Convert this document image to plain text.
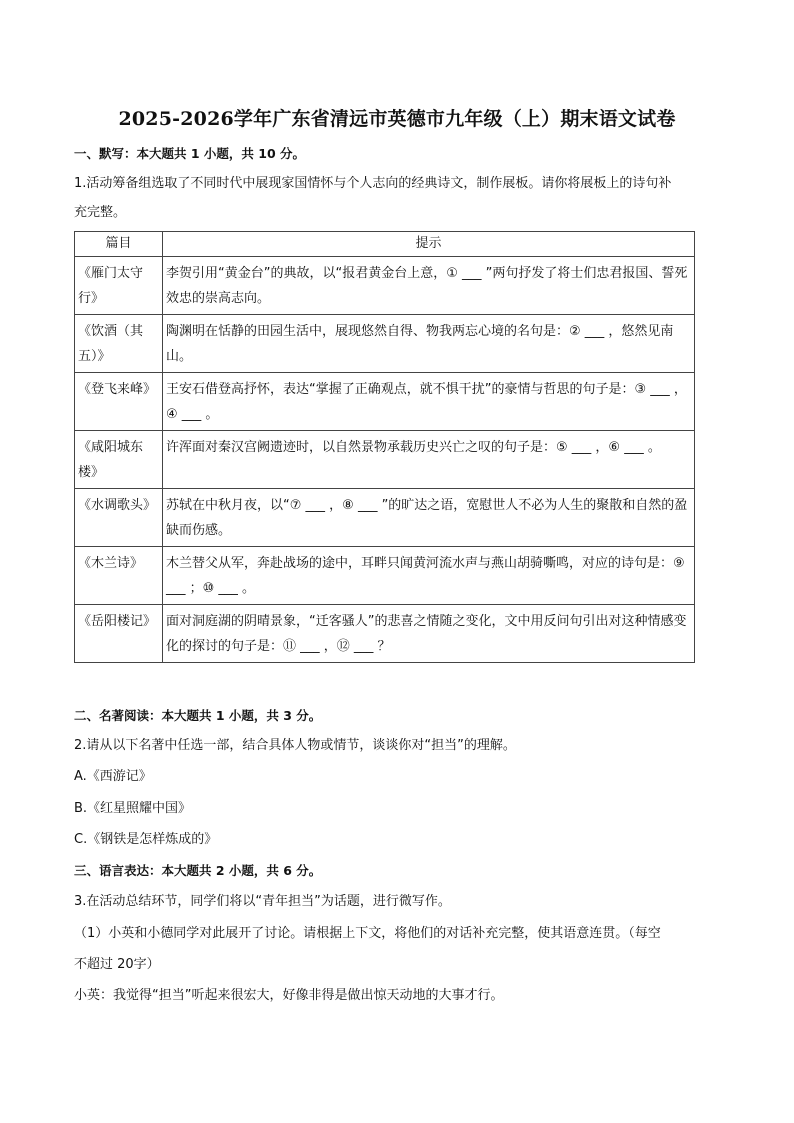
2025-2026学年广东省清远市英德市九年级（上）期末语文试卷
一、默写：本大题共 1 小题，共 10 分。
1.活动筹备组选取了不同时代中展现家国情怀与个人志向的经典诗文，制作展板。请你将展板上的诗句补
充完整。
篇目	提示
《雁门太守行》	李贺引用“黄金台”的典故，以“报君黄金台上意，① ___ ”两句抒发了将士们忠君报国、誓死效忠的崇高志向。
《饮酒（其五）》	陶渊明在恬静的田园生活中，展现悠然自得、物我两忘心境的名句是：② ___ ，悠然见南山。
《登飞来峰》	王安石借登高抒怀，表达“掌握了正确观点，就不惧干扰”的豪情与哲思的句子是：③ ___ ，④ ___ 。
《咸阳城东楼》	许浑面对秦汉宫阙遗迹时，以自然景物承载历史兴亡之叹的句子是：⑤ ___ ，⑥ ___ 。
《水调歌头》	苏轼在中秋月夜，以“⑦ ___ ，⑧ ___ ”的旷达之语，宽慰世人不必为人生的聚散和自然的盈缺而伤感。
《木兰诗》	木兰替父从军，奔赴战场的途中，耳畔只闻黄河流水声与燕山胡骑嘶鸣，对应的诗句是：⑨ ___ ；⑩ ___ 。
《岳阳楼记》	面对洞庭湖的阴晴景象，“迁客骚人”的悲喜之情随之变化，文中用反问句引出对这种情感变化的探讨的句子是：⑪ ___ ，⑫ ___ ？
二、名著阅读：本大题共 1 小题，共 3 分。
2.请从以下名著中任选一部，结合具体人物或情节，谈谈你对“担当”的理解。
A.《西游记》
B.《红星照耀中国》
C.《钢铁是怎样炼成的》
三、语言表达：本大题共 2 小题，共 6 分。
3.在活动总结环节，同学们将以“青年担当”为话题，进行微写作。
（1）小英和小德同学对此展开了讨论。请根据上下文，将他们的对话补充完整，使其语意连贯。（每空
不超过 20字）
小英：我觉得“担当”听起来很宏大，好像非得是做出惊天动地的大事才行。
